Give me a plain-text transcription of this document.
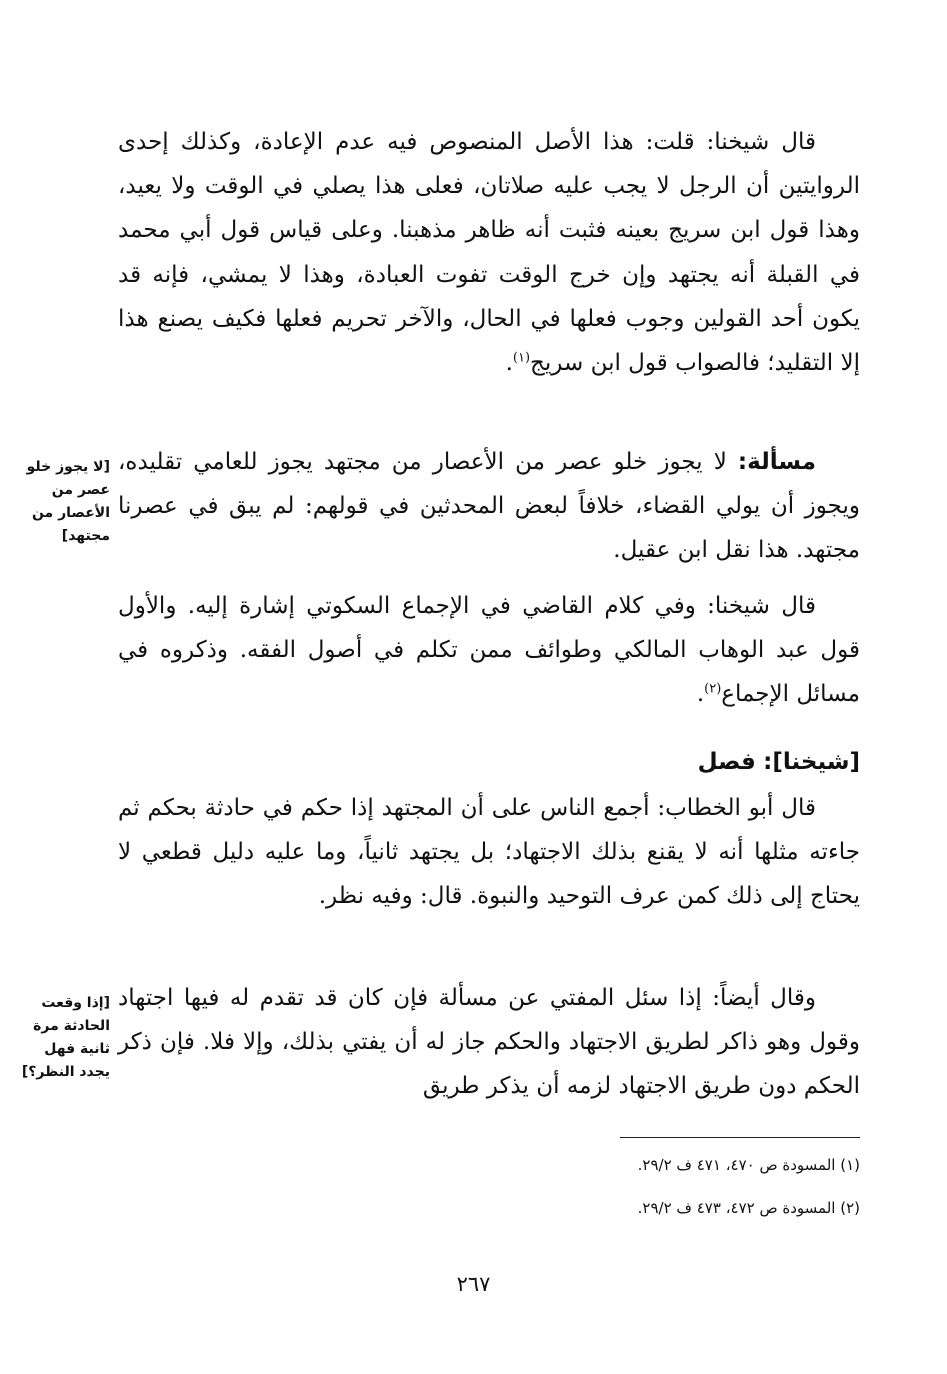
قال شيخنا: قلت: هذا الأصل المنصوص فيه عدم الإعادة، وكذلك إحدى الروايتين أن الرجل لا يجب عليه صلاتان، فعلى هذا يصلي في الوقت ولا يعيد، وهذا قول ابن سريج بعينه فثبت أنه ظاهر مذهبنا. وعلى قياس قول أبي محمد في القبلة أنه يجتهد وإن خرج الوقت تفوت العبادة، وهذا لا يمشي، فإنه قد يكون أحد القولين وجوب فعلها في الحال، والآخر تحريم فعلها فكيف يصنع هذا إلا التقليد؛ فالصواب قول ابن سريج$^{(١)}$.

مسألة: لا يجوز خلو عصر من الأعصار من مجتهد يجوز للعامي تقليده، ويجوز أن يولي القضاء، خلافاً لبعض المحدثين في قولهم: لم يبق في عصرنا مجتهد. هذا نقل ابن عقيل.

[لا يجوز خلو عصر من الأعصار من مجتهد]

قال شيخنا: وفي كلام القاضي في الإجماع السكوتي إشارة إليه. والأول قول عبد الوهاب المالكي وطوائف ممن تكلم في أصول الفقه. وذكروه في مسائل الإجماع$^{(٢)}$.

[شيخنا]: فصل

قال أبو الخطاب: أجمع الناس على أن المجتهد إذا حكم في حادثة بحكم ثم جاءته مثلها أنه لا يقنع بذلك الاجتهاد؛ بل يجتهد ثانياً، وما عليه دليل قطعي لا يحتاج إلى ذلك كمن عرف التوحيد والنبوة. قال: وفيه نظر.

وقال أيضاً: إذا سئل المفتي عن مسألة فإن كان قد تقدم له فيها اجتهاد وقول وهو ذاكر لطريق الاجتهاد والحكم جاز له أن يفتي بذلك، وإلا فلا. فإن ذكر الحكم دون طريق الاجتهاد لزمه أن يذكر طريق

[إذا وقعت الحادثة مرة ثانية فهل يجدد النظر؟]
(١) المسودة ص ٤٧٠، ٤٧١ ف ٢٩/٢.
(٢) المسودة ص ٤٧٢، ٤٧٣ ف ٢٩/٢.
٢٦٧
